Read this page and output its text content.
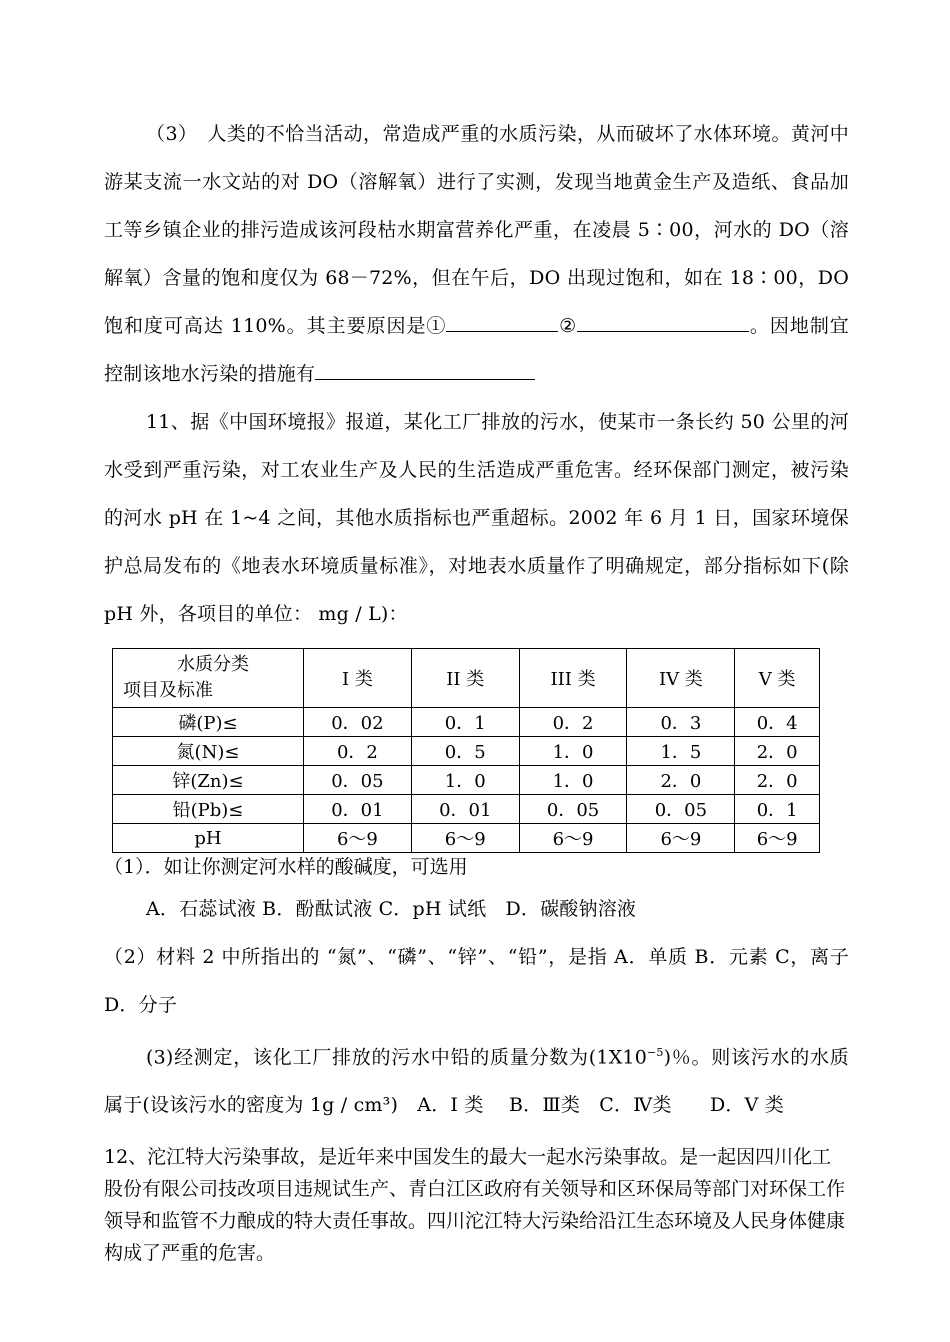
（3）　人类的不恰当活动，常造成严重的水质污染，从而破坏了水体环境。黄河中游某支流一水文站的对 DO（溶解氧）进行了实测，发现当地黄金生产及造纸、食品加工等乡镇企业的排污造成该河段枯水期富营养化严重，在凌晨 5∶00，河水的 DO（溶解氧）含量的饱和度仅为 68－72%，但在午后，DO 出现过饱和，如在 18∶00，DO 饱和度可高达 110%。其主要原因是①	②	。因地制宜控制该地水污染的措施有

11、据《中国环境报》报道，某化工厂排放的污水，使某市一条长约 50 公里的河水受到严重污染，对工农业生产及人民的生活造成严重危害。经环保部门测定，被污染的河水 pH 在 1~4 之间，其他水质指标也严重超标。2002 年 6 月 1 日，国家环境保护总局发布的《地表水环境质量标准》，对地表水质量作了明确规定，部分指标如下(除 pH 外，各项目的单位： mg / L)：

水质分类
项目及标准	I 类	II 类	III 类	IV 类	V 类
磷(P)≤	0．02	0．1	0．2	0．3	0．4
氮(N)≤	0．2	0．5	1．0	1．5	2．0
锌(Zn)≤	0．05	1．0	1．0	2．0	2．0
铅(Pb)≤	0．01	0．01	0．05	0．05	0．1
pH	6～9	6～9	6～9	6～9	6～9

（1）．如让你测定河水样的酸碱度，可选用

A．石蕊试液 B．酚酞试液 C．pH 试纸　D．碳酸钠溶液

（2）材料 2 中所指出的 “氮”、“磷”、“锌”、“铅”，是指 A．单质 B．元素 C，离子 D．分子

(3)经测定，该化工厂排放的污水中铅的质量分数为$(1X10^{-5})$％。则该污水的水质属于(设该污水的密度为 1g / cm³)　A．I 类　 B．Ⅲ类　C．Ⅳ类　　D．V 类

12、沱江特大污染事故，是近年来中国发生的最大一起水污染事故。是一起因四川化工股份有限公司技改项目违规试生产、青白江区政府有关领导和区环保局等部门对环保工作领导和监管不力酿成的特大责任事故。四川沱江特大污染给沿江生态环境及人民身体健康构成了严重的危害。
